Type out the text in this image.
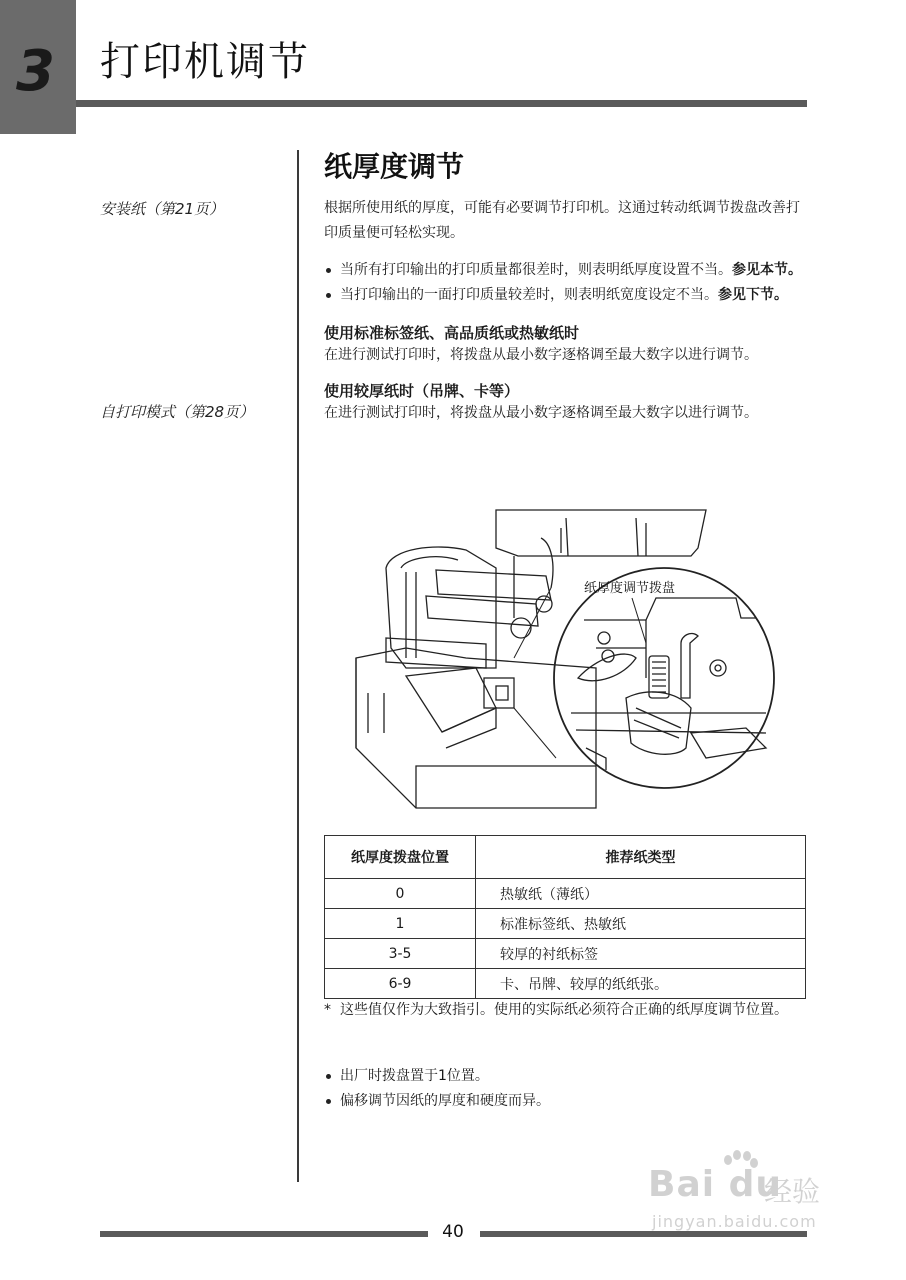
3 打印机调节
安装纸（第21页）
自打印模式（第28页）
纸厚度调节

根据所使用纸的厚度，可能有必要调节打印机。这通过转动纸调节拨盘改善打印质量便可轻松实现。

当所有打印输出的打印质量都很差时，则表明纸厚度设置不当。参见本节。
当打印输出的一面打印质量较差时，则表明纸宽度设定不当。参见下节。
使用标准标签纸、高品质纸或热敏纸时
在进行测试打印时，将拨盘从最小数字逐格调至最大数字以进行调节。
使用较厚纸时（吊牌、卡等）
在进行测试打印时，将拨盘从最小数字逐格调至最大数字以进行调节。
纸厚度调节拨盘
纸厚度拨盘位置	推荐纸类型
0	热敏纸（薄纸）
1	标准标签纸、热敏纸
3-5	较厚的衬纸标签
6-9	卡、吊牌、较厚的纸纸张。
* 这些值仅作为大致指引。使用的实际纸必须符合正确的纸厚度调节位置。
出厂时拨盘置于1位置。
偏移调节因纸的厚度和硬度而异。
40
Bai du
经验
jingyan.baidu.com
